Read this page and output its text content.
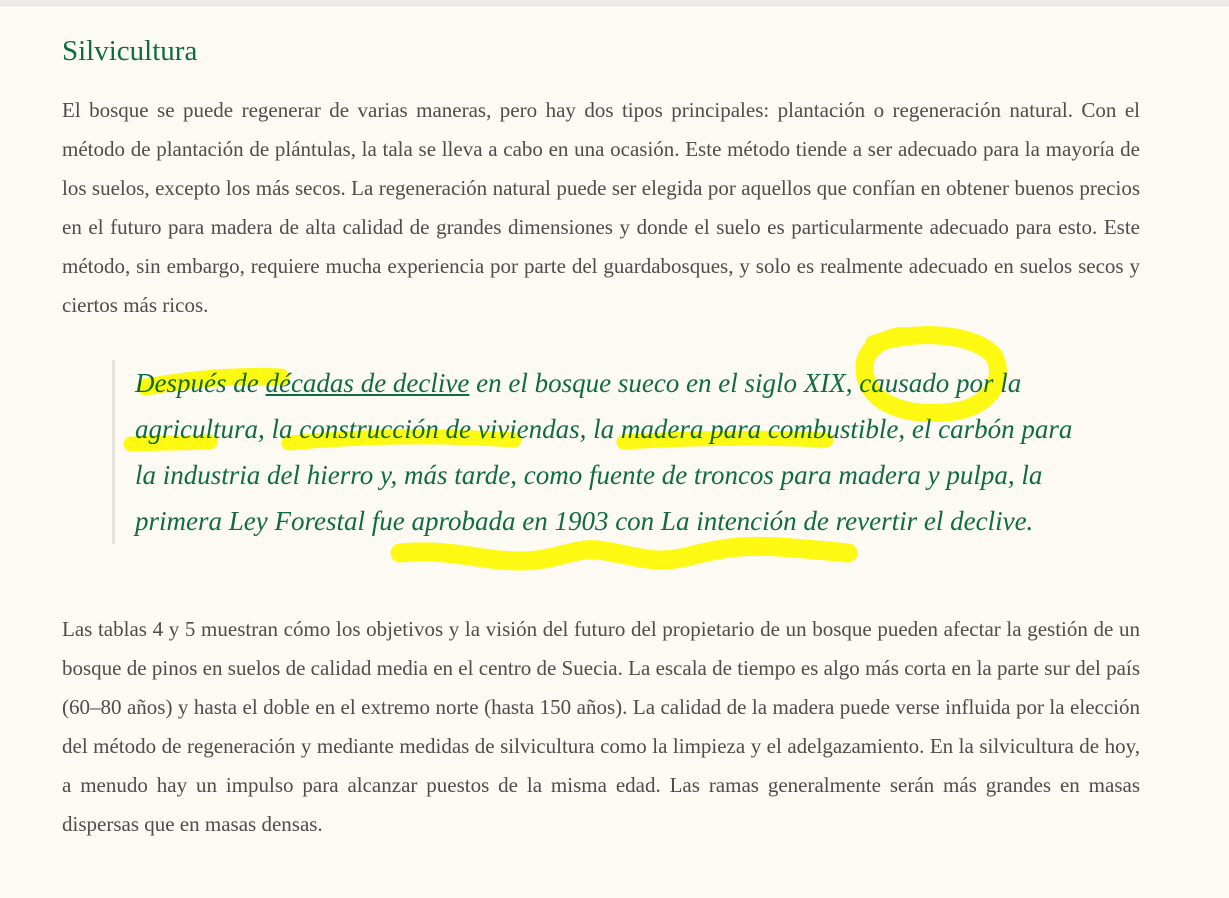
Silvicultura

El bosque se puede regenerar de varias maneras, pero hay dos tipos principales: plantación o regeneración natural. Con el método de plantación de plántulas, la tala se lleva a cabo en una ocasión. Este método tiende a ser adecuado para la mayoría de los suelos, excepto los más secos. La regeneración natural puede ser elegida por aquellos que confían en obtener buenos precios en el futuro para madera de alta calidad de grandes dimensiones y donde el suelo es particularmente adecuado para esto. Este método, sin embargo, requiere mucha experiencia por parte del guardabosques, y solo es realmente adecuado en suelos secos y ciertos más ricos.

Después de décadas de declive en el bosque sueco en el siglo XIX, causado por la agricultura, la construcción de viviendas, la madera para combustible, el carbón para la industria del hierro y, más tarde, como fuente de troncos para madera y pulpa, la primera Ley Forestal fue aprobada en 1903 con La intención de revertir el declive.

Las tablas 4 y 5 muestran cómo los objetivos y la visión del futuro del propietario de un bosque pueden afectar la gestión de un bosque de pinos en suelos de calidad media en el centro de Suecia. La escala de tiempo es algo más corta en la parte sur del país (60–80 años) y hasta el doble en el extremo norte (hasta 150 años). La calidad de la madera puede verse influida por la elección del método de regeneración y mediante medidas de silvicultura como la limpieza y el adelgazamiento. En la silvicultura de hoy, a menudo hay un impulso para alcanzar puestos de la misma edad. Las ramas generalmente serán más grandes en masas dispersas que en masas densas.
